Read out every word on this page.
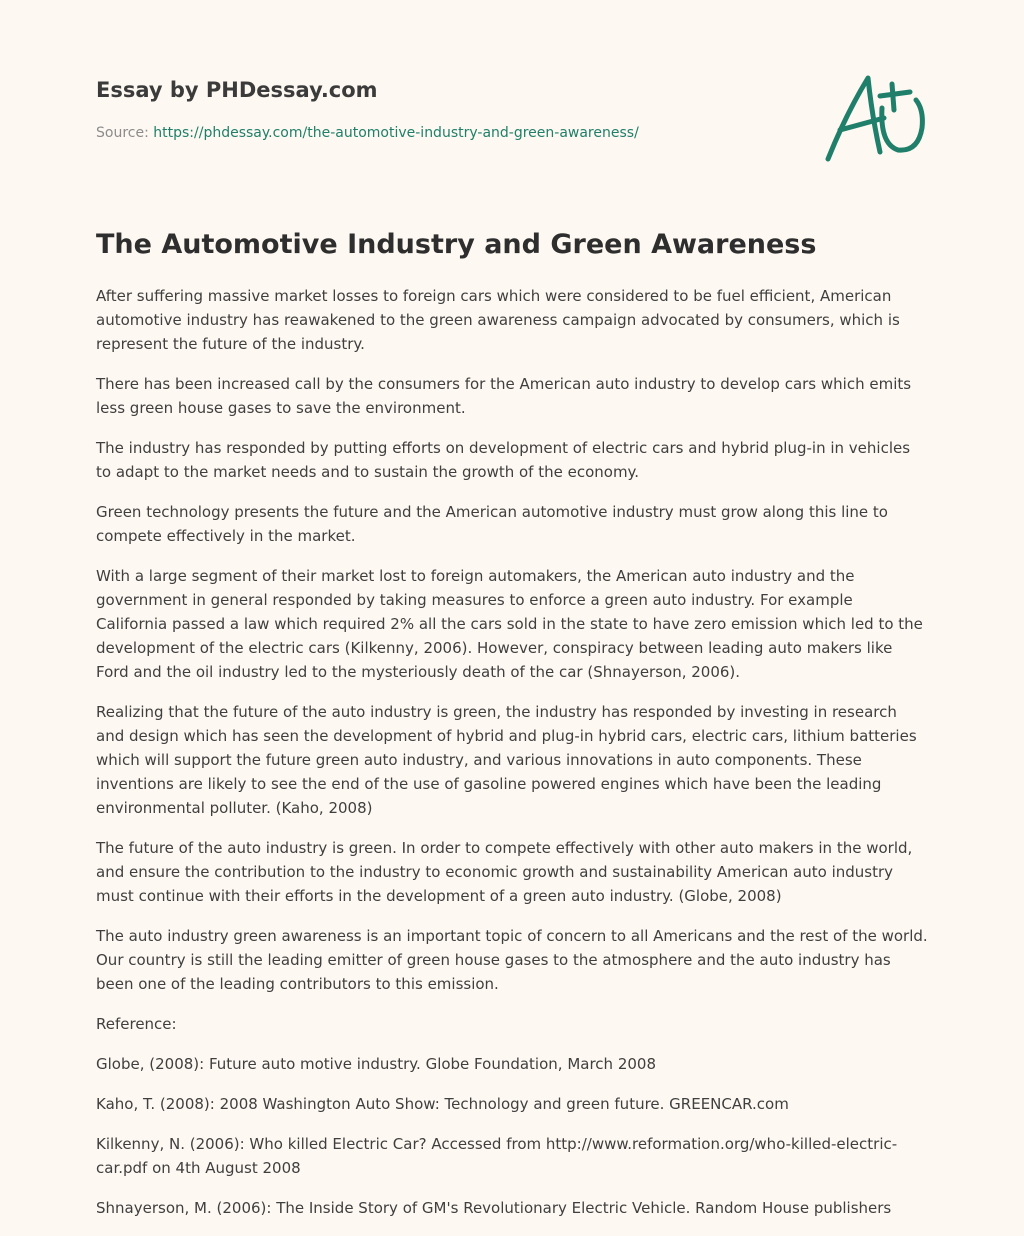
Essay by PHDessay.com
Source: https://phdessay.com/the-automotive-industry-and-green-awareness/
The Automotive Industry and Green Awareness

After suffering massive market losses to foreign cars which were considered to be fuel efficient, American automotive industry has reawakened to the green awareness campaign advocated by consumers, which is represent the future of the industry.

There has been increased call by the consumers for the American auto industry to develop cars which emits less green house gases to save the environment.

The industry has responded by putting efforts on development of electric cars and hybrid plug-in in vehicles to adapt to the market needs and to sustain the growth of the economy.

Green technology presents the future and the American automotive industry must grow along this line to compete effectively in the market.

With a large segment of their market lost to foreign automakers, the American auto industry and the government in general responded by taking measures to enforce a green auto industry. For example California passed a law which required 2% all the cars sold in the state to have zero emission which led to the development of the electric cars (Kilkenny, 2006). However, conspiracy between leading auto makers like Ford and the oil industry led to the mysteriously death of the car (Shnayerson, 2006).

Realizing that the future of the auto industry is green, the industry has responded by investing in research and design which has seen the development of hybrid and plug-in hybrid cars, electric cars, lithium batteries which will support the future green auto industry, and various innovations in auto components. These inventions are likely to see the end of the use of gasoline powered engines which have been the leading environmental polluter. (Kaho, 2008)

The future of the auto industry is green. In order to compete effectively with other auto makers in the world, and ensure the contribution to the industry to economic growth and sustainability American auto industry must continue with their efforts in the development of a green auto industry. (Globe, 2008)

The auto industry green awareness is an important topic of concern to all Americans and the rest of the world. Our country is still the leading emitter of green house gases to the atmosphere and the auto industry has been one of the leading contributors to this emission.

Reference:

Globe, (2008): Future auto motive industry. Globe Foundation, March 2008

Kaho, T. (2008): 2008 Washington Auto Show: Technology and green future. GREENCAR.com

Kilkenny, N. (2006): Who killed Electric Car? Accessed from http://www.reformation.org/who-killed-electric-car.pdf on 4th August 2008

Shnayerson, M. (2006): The Inside Story of GM's Revolutionary Electric Vehicle. Random House publishers
